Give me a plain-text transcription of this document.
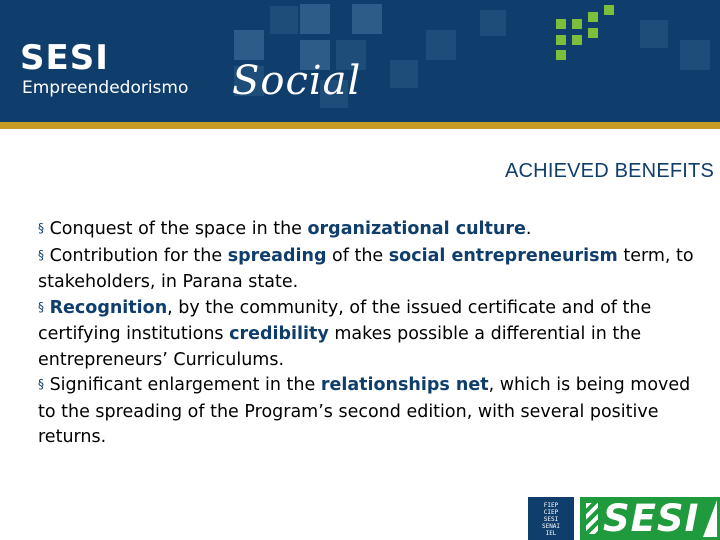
SESI
Empreendedorismo Social
ACHIEVED BENEFITS

§ Conquest of the space in the organizational culture.

§ Contribution for the spreading of the social entrepreneurism term, to stakeholders, in Parana state.

§ Recognition, by the community, of the issued certificate and of the certifying institutions credibility makes possible a differential in the entrepreneurs’ Curriculums.

§ Significant enlargement in the relationships net, which is being moved to the spreading of the Program’s second edition, with several positive returns.

FIEP
CIEP
SESI
SENAI
IEL	SESI
